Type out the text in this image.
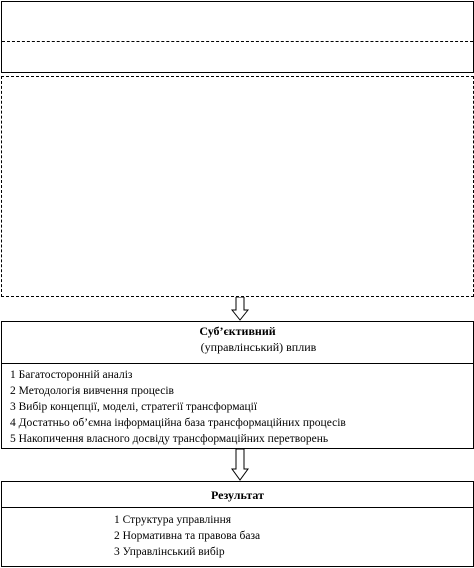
Суб’єктивний
(управлінський) вплив
1 Багатосторонній аналіз
2 Методологія вивчення процесів
3 Вибір концепції, моделі, стратегії трансформації
4 Достатньо об’ємна інформаційна база трансформаційних процесів
5 Накопичення власного досвіду трансформаційних перетворень
Результат
1 Структура управління
2 Нормативна та правова база
3 Управлінський вибір
